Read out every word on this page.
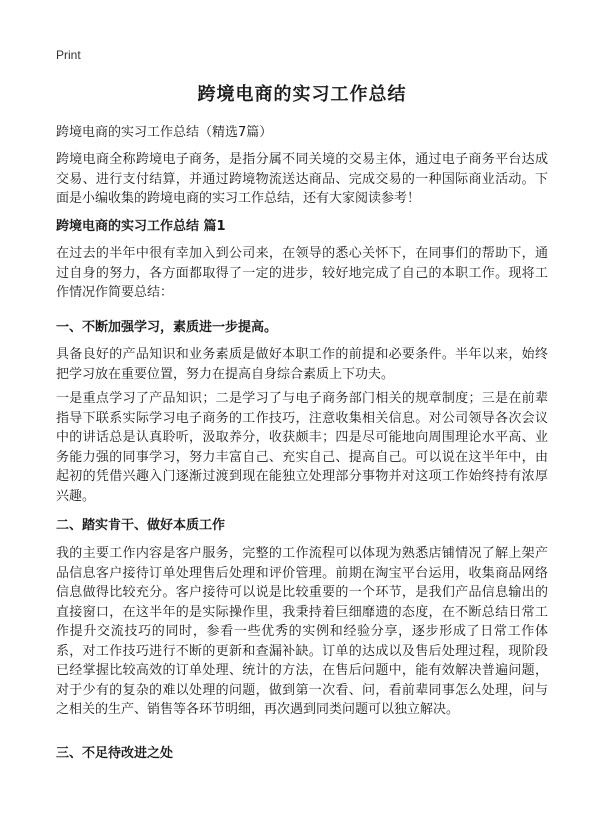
Print
跨境电商的实习工作总结
跨境电商的实习工作总结（精选7篇）

跨境电商全称跨境电子商务，是指分属不同关境的交易主体，通过电子商务平台达成交易、进行支付结算，并通过跨境物流送达商品、完成交易的一种国际商业活动。下面是小编收集的跨境电商的实习工作总结，还有大家阅读参考！

跨境电商的实习工作总结 篇1

在过去的半年中很有幸加入到公司来，在领导的悉心关怀下，在同事们的帮助下，通过自身的努力，各方面都取得了一定的进步，较好地完成了自己的本职工作。现将工作情况作简要总结：

一、不断加强学习，素质进一步提高。

具备良好的产品知识和业务素质是做好本职工作的前提和必要条件。半年以来，始终把学习放在重要位置，努力在提高自身综合素质上下功夫。

一是重点学习了产品知识；二是学习了与电子商务部门相关的规章制度；三是在前辈指导下联系实际学习电子商务的工作技巧，注意收集相关信息。对公司领导各次会议中的讲话总是认真聆听，汲取养分，收获颇丰；四是尽可能地向周围理论水平高、业务能力强的同事学习，努力丰富自己、充实自己、提高自己。可以说在这半年中，由起初的凭借兴趣入门逐渐过渡到现在能独立处理部分事物并对这项工作始终持有浓厚兴趣。

二、踏实肯干、做好本质工作

我的主要工作内容是客户服务，完整的工作流程可以体现为熟悉店铺情况了解上架产品信息客户接待订单处理售后处理和评价管理。前期在淘宝平台运用，收集商品网络信息做得比较充分。客户接待可以说是比较重要的一个环节，是我们产品信息输出的直接窗口，在这半年的是实际操作里，我秉持着巨细靡遗的态度，在不断总结日常工作提升交流技巧的同时，参看一些优秀的实例和经验分享，逐步形成了日常工作体系，对工作技巧进行不断的更新和查漏补缺。订单的达成以及售后处理过程，现阶段已经掌握比较高效的订单处理、统计的方法，在售后问题中，能有效解决普遍问题，对于少有的复杂的难以处理的问题，做到第一次看、问，看前辈同事怎么处理，问与之相关的生产、销售等各环节明细，再次遇到同类问题可以独立解决。

三、不足待改进之处
